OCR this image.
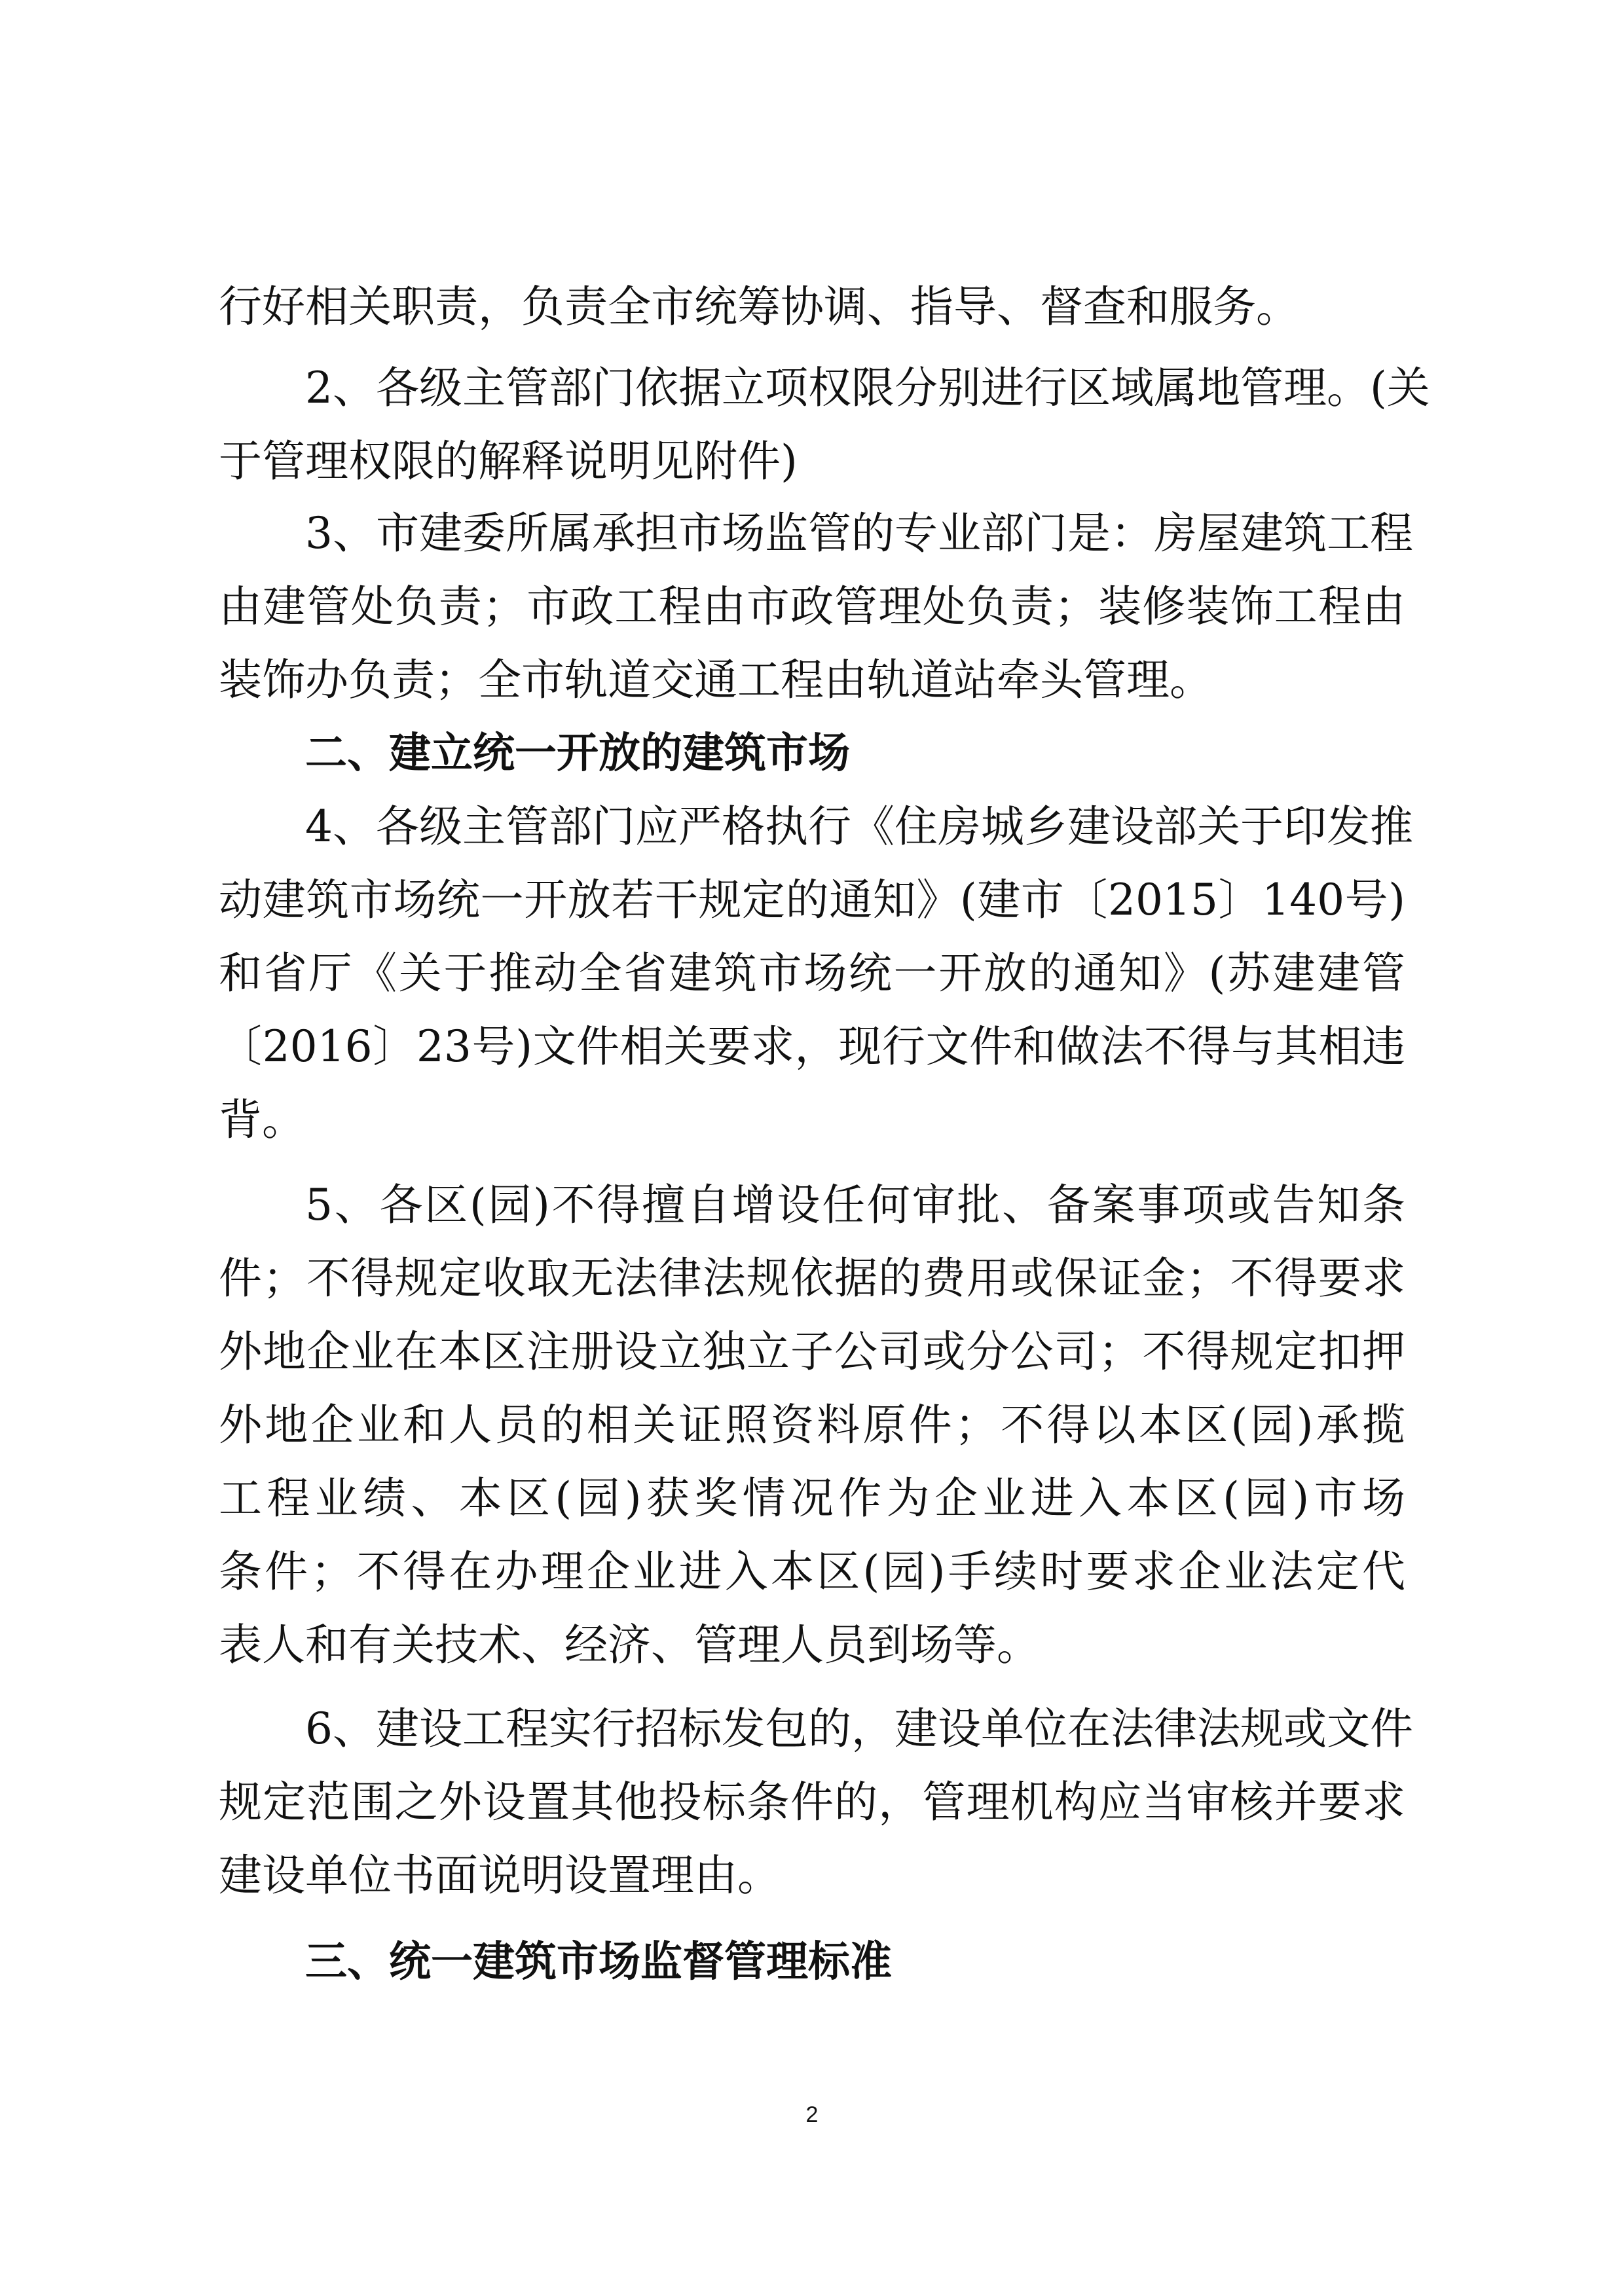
行好相关职责，负责全市统筹协调、指导、督查和服务。
2、各级主管部门依据立项权限分别进行区域属地管理。(关
于管理权限的解释说明见附件)
3、市建委所属承担市场监管的专业部门是：房屋建筑工程
由建管处负责；市政工程由市政管理处负责；装修装饰工程由
装饰办负责；全市轨道交通工程由轨道站牵头管理。
二、建立统一开放的建筑市场
4、各级主管部门应严格执行《住房城乡建设部关于印发推
动建筑市场统一开放若干规定的通知》(建市〔2015〕140号)
和省厅《关于推动全省建筑市场统一开放的通知》(苏建建管
〔2016〕23号)文件相关要求，现行文件和做法不得与其相违
背。
5、各区(园)不得擅自增设任何审批、备案事项或告知条
件；不得规定收取无法律法规依据的费用或保证金；不得要求
外地企业在本区注册设立独立子公司或分公司；不得规定扣押
外地企业和人员的相关证照资料原件；不得以本区(园)承揽
工程业绩、本区(园)获奖情况作为企业进入本区(园)市场
条件；不得在办理企业进入本区(园)手续时要求企业法定代
表人和有关技术、经济、管理人员到场等。
6、建设工程实行招标发包的，建设单位在法律法规或文件
规定范围之外设置其他投标条件的，管理机构应当审核并要求
建设单位书面说明设置理由。
三、统一建筑市场监督管理标准
2
